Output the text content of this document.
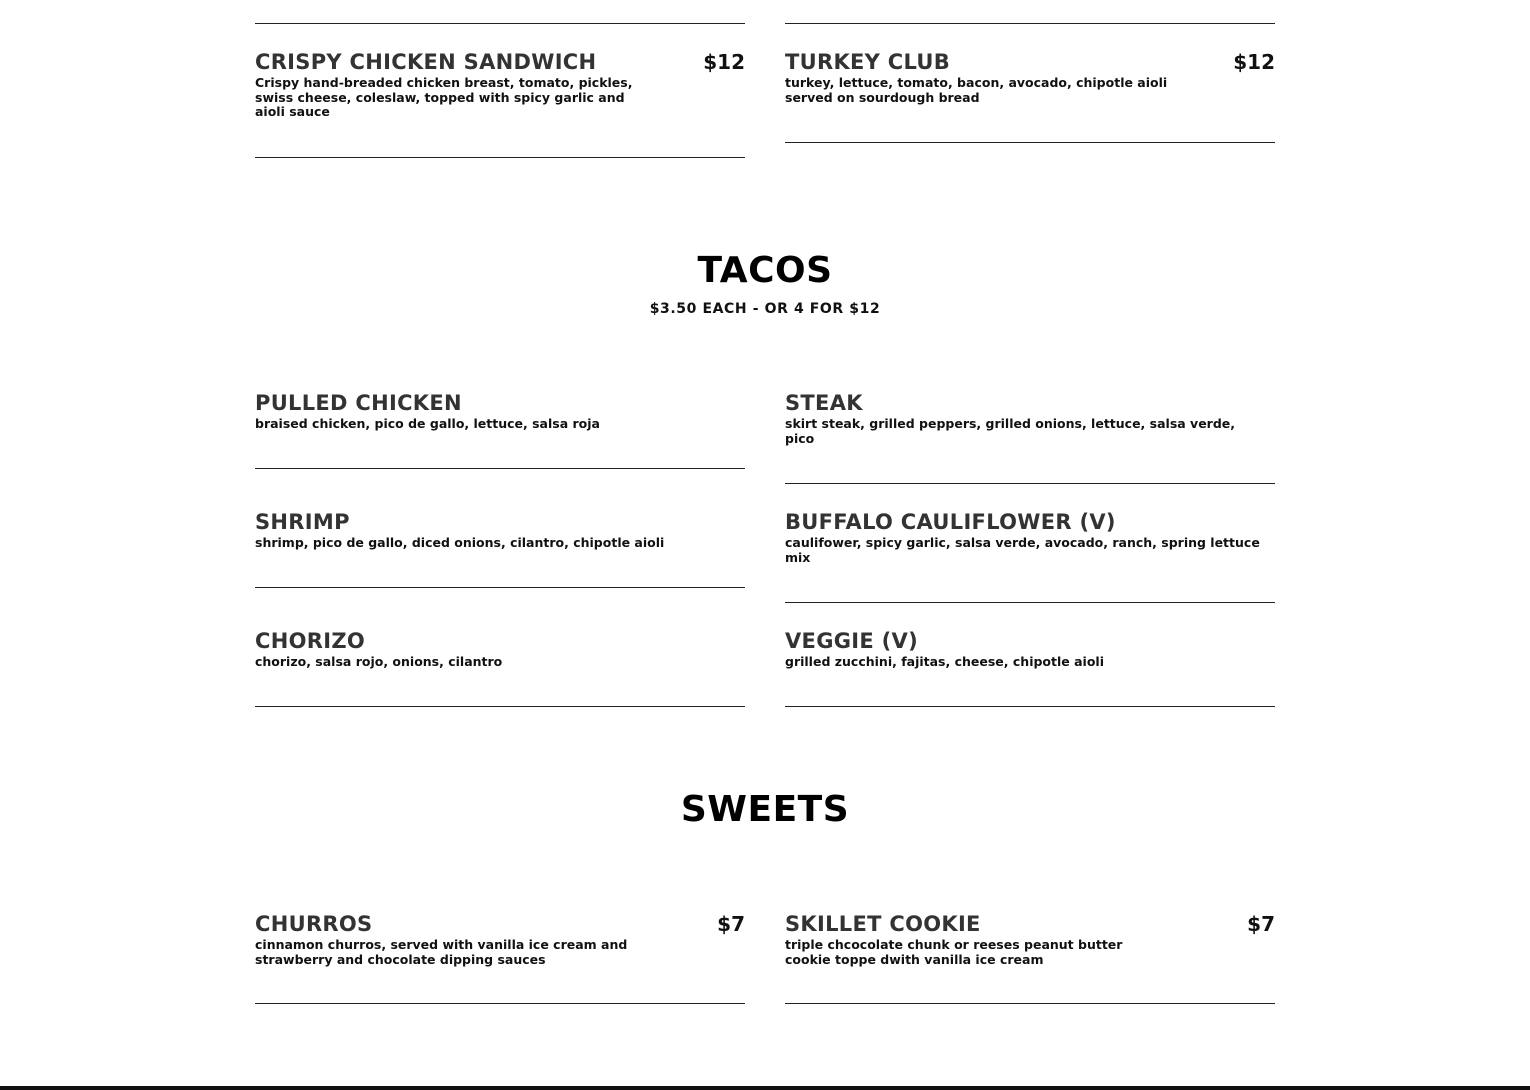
CRISPY CHICKEN SANDWICH	$12
Crispy hand-breaded chicken breast, tomato, pickles, swiss cheese, coleslaw, topped with spicy garlic and aioli sauce
TURKEY CLUB	$12
turkey, lettuce, tomato, bacon, avocado, chipotle aioli served on sourdough bread
TACOS
$3.50 EACH - OR 4 FOR $12
PULLED CHICKEN
braised chicken, pico de gallo, lettuce, salsa roja
STEAK
skirt steak, grilled peppers, grilled onions, lettuce, salsa verde, pico
SHRIMP
shrimp, pico de gallo, diced onions, cilantro, chipotle aioli
BUFFALO CAULIFLOWER (V)
caulifower, spicy garlic, salsa verde, avocado, ranch, spring lettuce mix
CHORIZO
chorizo, salsa rojo, onions, cilantro
VEGGIE (V)
grilled zucchini, fajitas, cheese, chipotle aioli
SWEETS
CHURROS	$7
cinnamon churros, served with vanilla ice cream and strawberry and chocolate dipping sauces
SKILLET COOKIE	$7
triple chcocolate chunk or reeses peanut butter cookie toppe dwith vanilla ice cream
